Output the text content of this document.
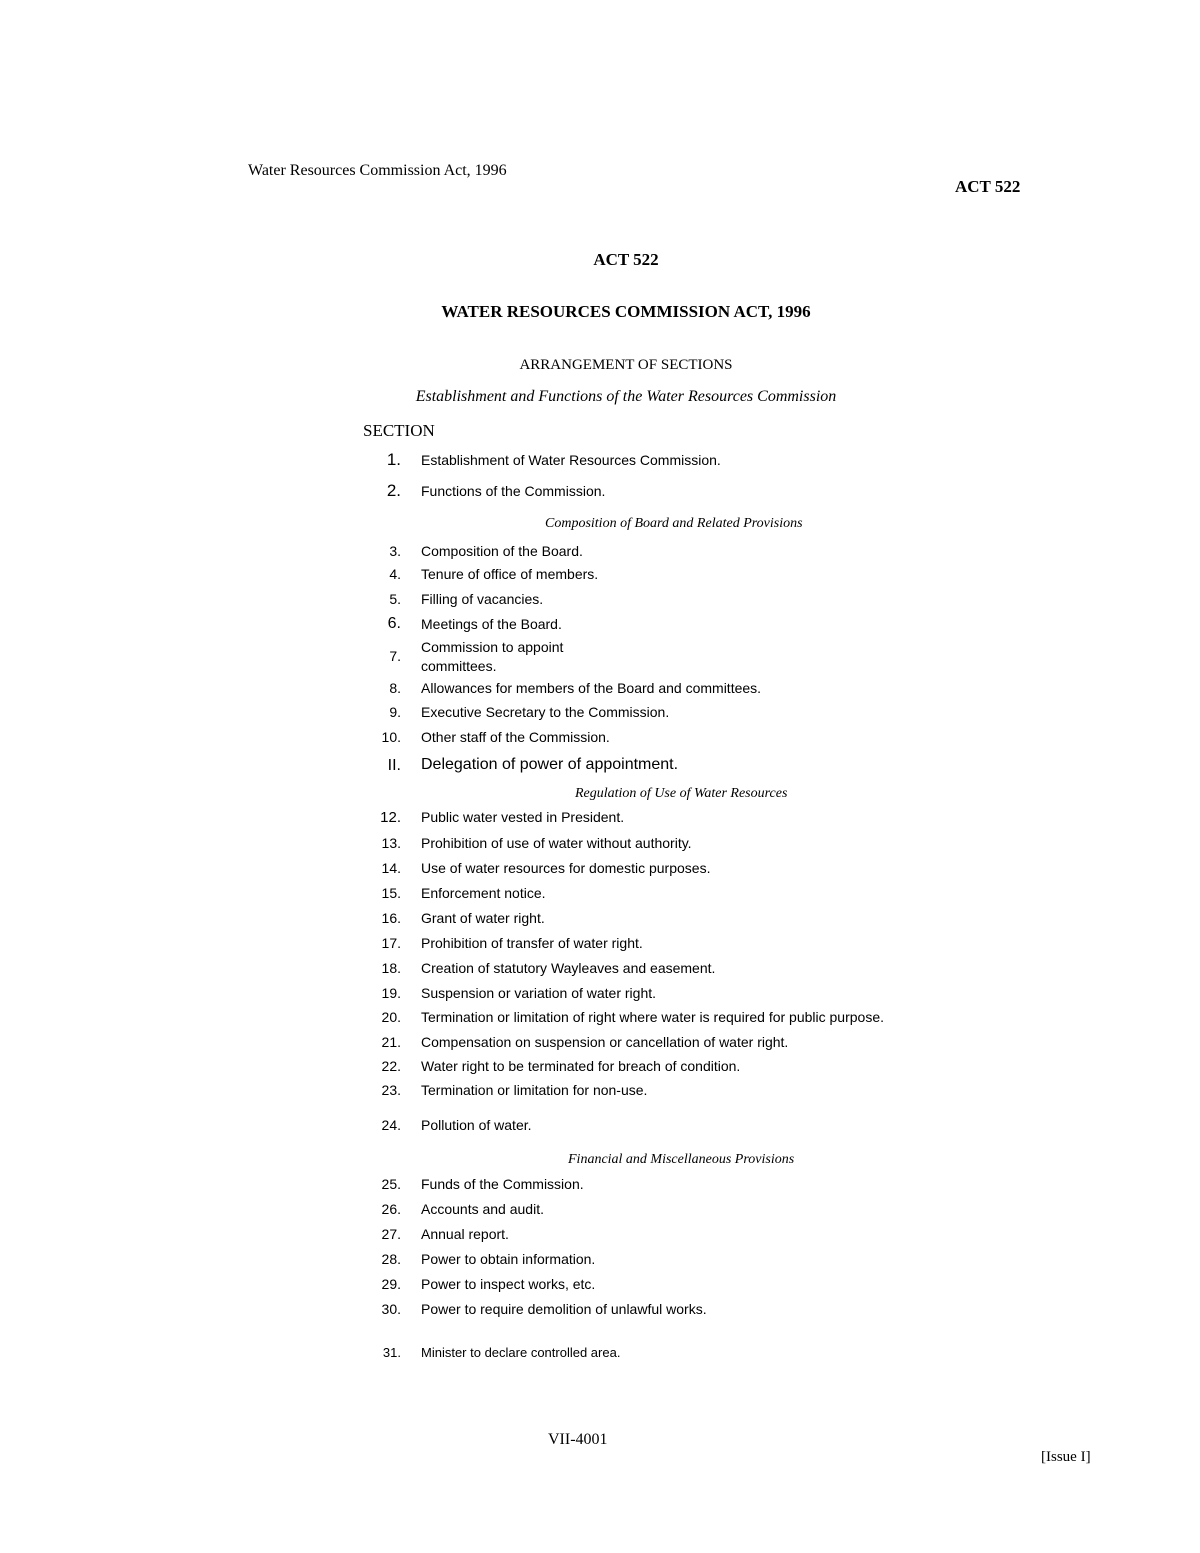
Water Resources Commission Act, 1996
ACT 522
ACT 522
WATER RESOURCES COMMISSION ACT, 1996
ARRANGEMENT OF SECTIONS
Establishment and Functions of the Water Resources Commission
SECTION
1. Establishment of Water Resources Commission.
2. Functions of the Commission.
Composition of Board and Related Provisions
3. Composition of the Board.
4. Tenure of office of members.
5. Filling of vacancies.
6. Meetings of the Board.
7.
Commission to appoint
committees.
8. Allowances for members of the Board and committees.
9. Executive Secretary to the Commission.
10. Other staff of the Commission.
II. Delegation of power of appointment.
Regulation of Use of Water Resources
12. Public water vested in President.
13. Prohibition of use of water without authority.
14. Use of water resources for domestic purposes.
15. Enforcement notice.
16. Grant of water right.
17. Prohibition of transfer of water right.
18. Creation of statutory Wayleaves and easement.
19. Suspension or variation of water right.
20. Termination or limitation of right where water is required for public purpose.
21. Compensation on suspension or cancellation of water right.
22. Water right to be terminated for breach of condition.
23. Termination or limitation for non-use.
24. Pollution of water.
Financial and Miscellaneous Provisions
25. Funds of the Commission.
26. Accounts and audit.
27. Annual report.
28. Power to obtain information.
29. Power to inspect works, etc.
30. Power to require demolition of unlawful works.
31. Minister to declare controlled area.
VII-4001
[Issue I]
